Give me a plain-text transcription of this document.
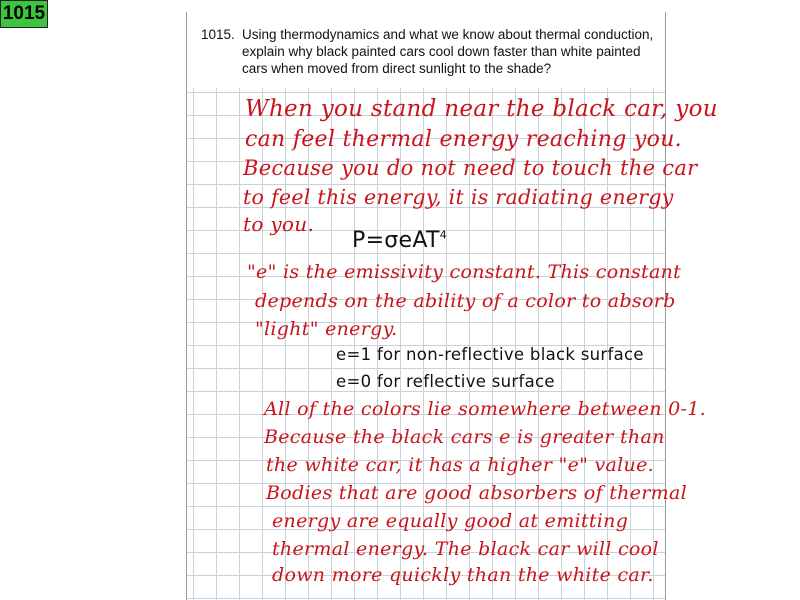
1015
1015. Using thermodynamics and what we know about thermal conduction,
explain why black painted cars cool down faster than white painted
cars when moved from direct sunlight to the shade?
When you stand near the black car, you
can feel thermal energy reaching you.
Because you do not need to touch the car
to feel this energy, it is radiating energy
to you.
P=σeAT$^4$
"e" is the emissivity constant. This constant
depends on the ability of a color to absorb
"light" energy.
e=1 for non-reflective black surface
e=0 for reflective surface
All of the colors lie somewhere between 0-1.
Because the black cars e is greater than
the white car, it has a higher "e" value.
Bodies that are good absorbers of thermal
energy are equally good at emitting
thermal energy. The black car will cool
down more quickly than the white car.
